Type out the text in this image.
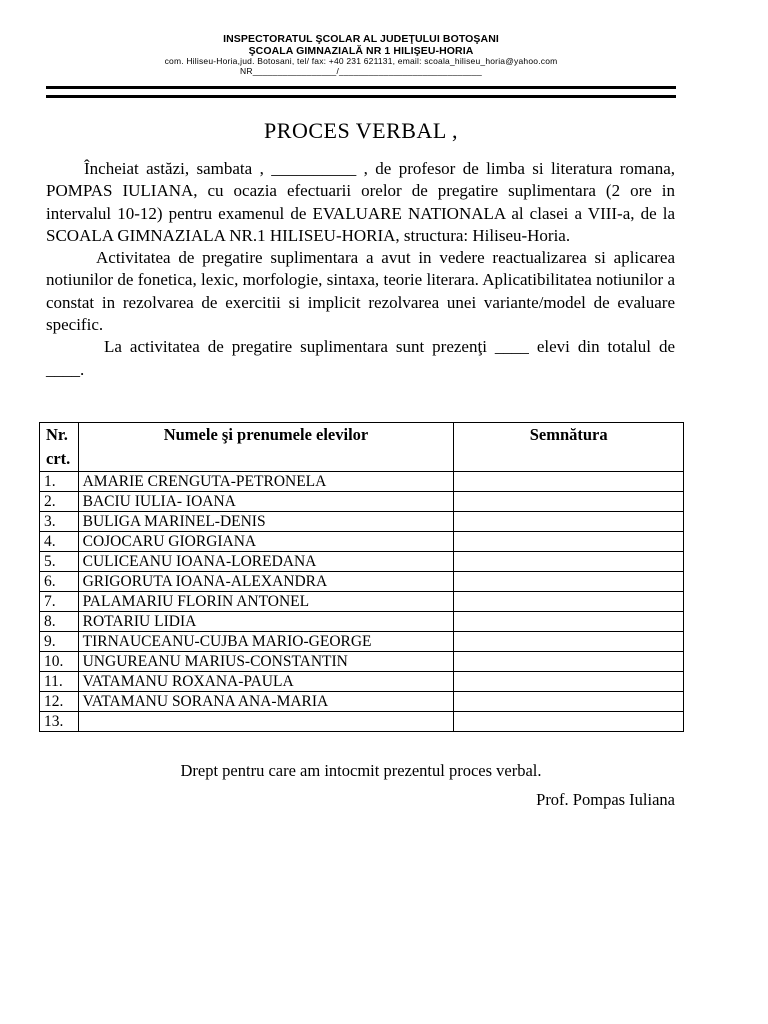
INSPECTORATUL ŞCOLAR AL JUDEŢULUI BOTOŞANI
ŞCOALA GIMNAZIALĂ NR 1 HILIŞEU-HORIA
com. Hiliseu-Horia,jud. Botosani, tel/ fax: +40 231 621131, email: scoala_hiliseu_horia@yahoo.com
NR_________________/_____________________________
PROCES VERBAL ,

Încheiat astăzi, sambata , __________ , de profesor de limba si literatura romana, POMPAS IULIANA, cu ocazia efectuarii orelor de pregatire suplimentara (2 ore in intervalul 10-12) pentru examenul de EVALUARE NATIONALA al clasei a VIII-a, de la SCOALA GIMNAZIALA NR.1 HILISEU-HORIA, structura: Hiliseu-Horia.

Activitatea de pregatire suplimentara a avut in vedere reactualizarea si aplicarea notiunilor de fonetica, lexic, morfologie, sintaxa, teorie literara. Aplicatibilitatea notiunilor a constat in rezolvarea de exercitii si implicit rezolvarea unei variante/model de evaluare specific.

La activitatea de pregatire suplimentara sunt prezenţi ____ elevi din totalul de ____.

Nr.
crt.	Numele şi prenumele elevilor	Semnătura
1.	AMARIE CRENGUTA-PETRONELA	
2.	BACIU IULIA- IOANA	
3.	BULIGA MARINEL-DENIS	
4.	COJOCARU GIORGIANA	
5.	CULICEANU IOANA-LOREDANA	
6.	GRIGORUTA IOANA-ALEXANDRA	
7.	PALAMARIU FLORIN ANTONEL	
8.	ROTARIU LIDIA	
9.	TIRNAUCEANU-CUJBA MARIO-GEORGE	
10.	UNGUREANU MARIUS-CONSTANTIN	
11.	VATAMANU ROXANA-PAULA	
12.	VATAMANU SORANA ANA-MARIA	
13.		
Drept pentru care am intocmit prezentul proces verbal.
Prof. Pompas Iuliana
